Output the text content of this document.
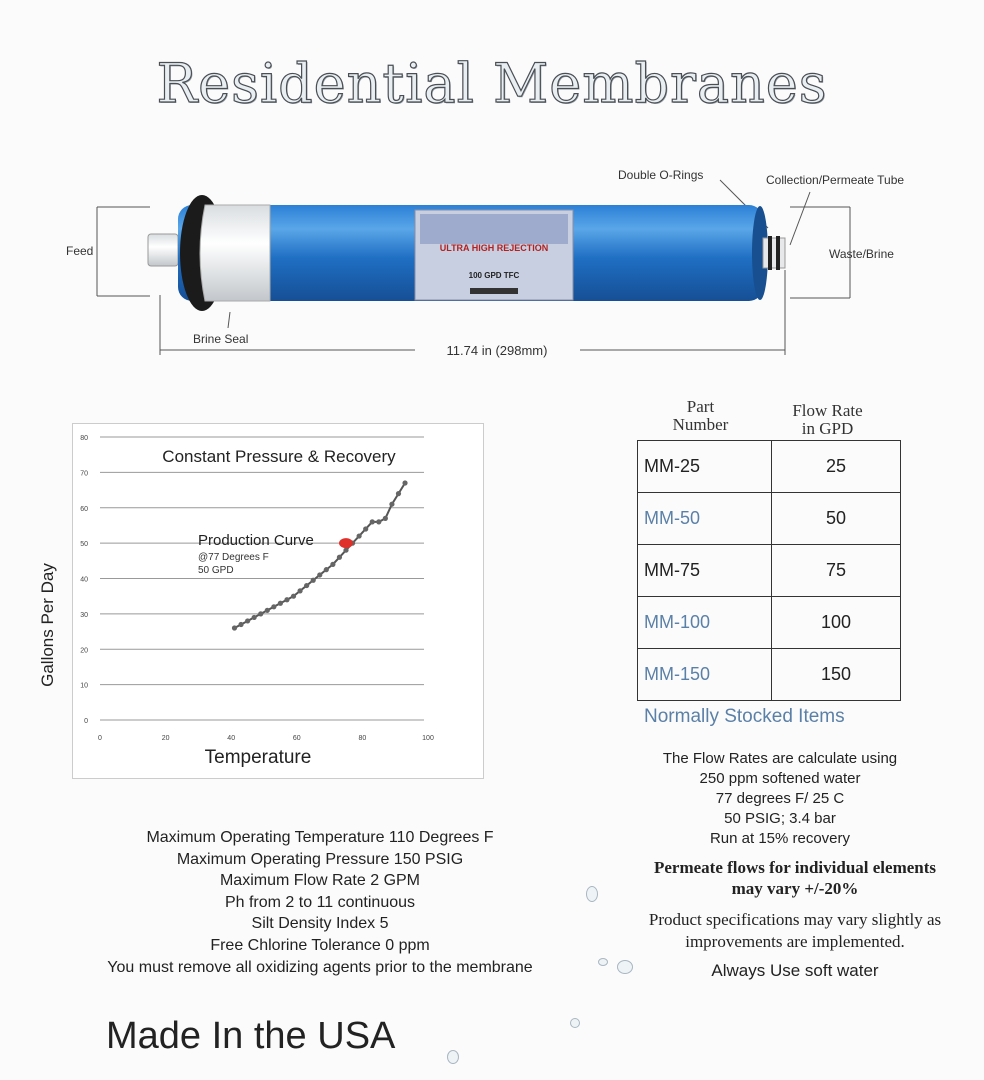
Residential Membranes
ULTRA HIGH REJECTION
100 GPD TFC
Double O-Rings	Collection/Permeate Tube
Feed	Waste/Brine
Brine Seal
11.74 in (298mm)
0
10
20
30
40
50
60
70
80
0	20	40	60	80	100
Constant Pressure & Recovery
Temperature
Gallons Per Day
Production Curve
@77 Degrees F
50 GPD
Part
Number
Flow Rate
in GPD
MM-25	25
MM-50	50
MM-75	75
MM-100	100
MM-150	150
Normally Stocked Items
The Flow Rates are calculate using
250 ppm softened water
77 degrees F/ 25 C
50 PSIG; 3.4 bar
Run at 15% recovery
Permeate flows for individual elements
may vary +/-20%
Product specifications may vary slightly as
improvements are implemented.
Always Use soft water
Maximum Operating Temperature 110 Degrees F
Maximum Operating Pressure 150 PSIG
Maximum Flow Rate 2 GPM
Ph from 2 to 11 continuous
Silt Density Index 5
Free Chlorine Tolerance 0 ppm
You must remove all oxidizing agents prior to the membrane
Made In the USA
